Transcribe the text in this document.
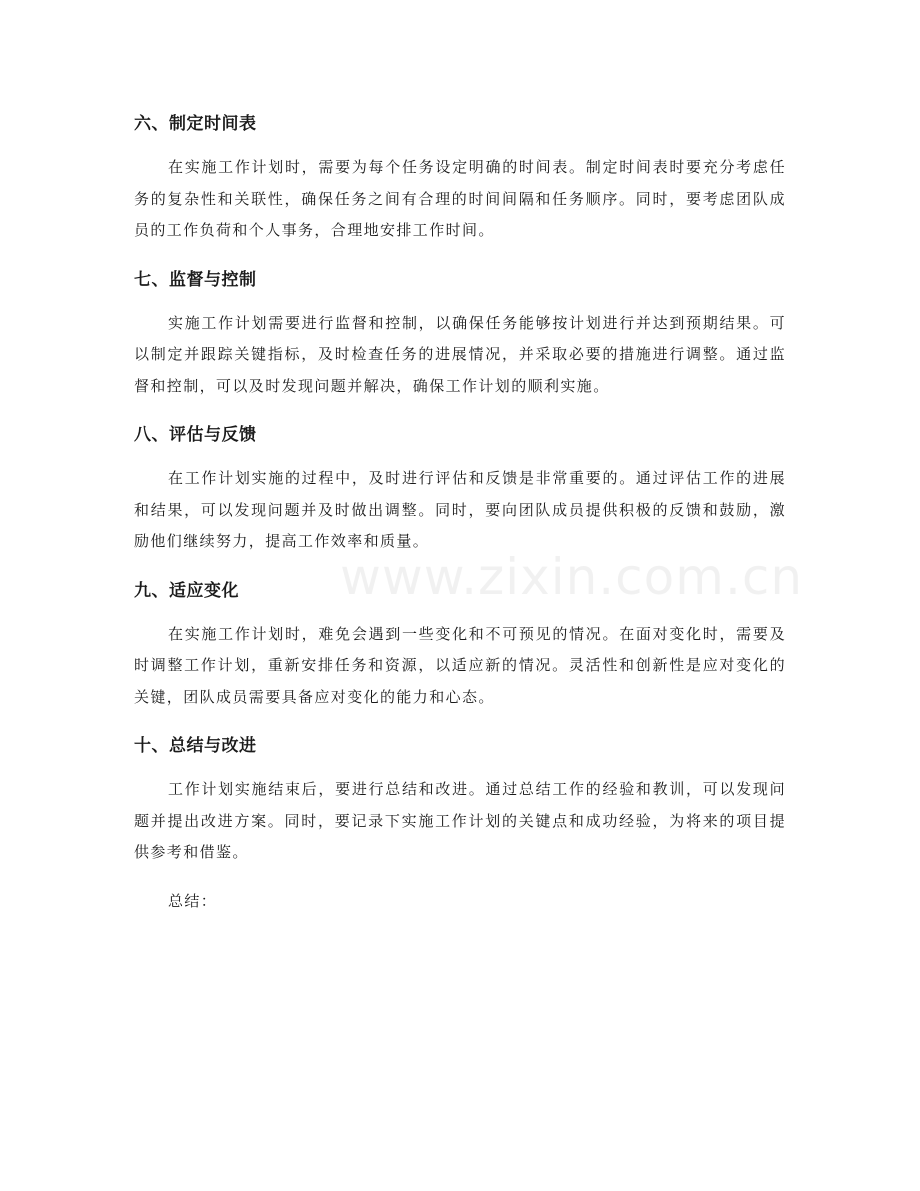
六、制定时间表

在实施工作计划时，需要为每个任务设定明确的时间表。制定时间表时要充分考虑任务的复杂性和关联性，确保任务之间有合理的时间间隔和任务顺序。同时，要考虑团队成员的工作负荷和个人事务，合理地安排工作时间。

七、监督与控制

实施工作计划需要进行监督和控制，以确保任务能够按计划进行并达到预期结果。可以制定并跟踪关键指标，及时检查任务的进展情况，并采取必要的措施进行调整。通过监督和控制，可以及时发现问题并解决，确保工作计划的顺利实施。

八、评估与反馈

在工作计划实施的过程中，及时进行评估和反馈是非常重要的。通过评估工作的进展和结果，可以发现问题并及时做出调整。同时，要向团队成员提供积极的反馈和鼓励，激励他们继续努力，提高工作效率和质量。

九、适应变化

在实施工作计划时，难免会遇到一些变化和不可预见的情况。在面对变化时，需要及时调整工作计划，重新安排任务和资源，以适应新的情况。灵活性和创新性是应对变化的关键，团队成员需要具备应对变化的能力和心态。

十、总结与改进

工作计划实施结束后，要进行总结和改进。通过总结工作的经验和教训，可以发现问题并提出改进方案。同时，要记录下实施工作计划的关键点和成功经验，为将来的项目提供参考和借鉴。

总结：

www.zixin.com.cn
